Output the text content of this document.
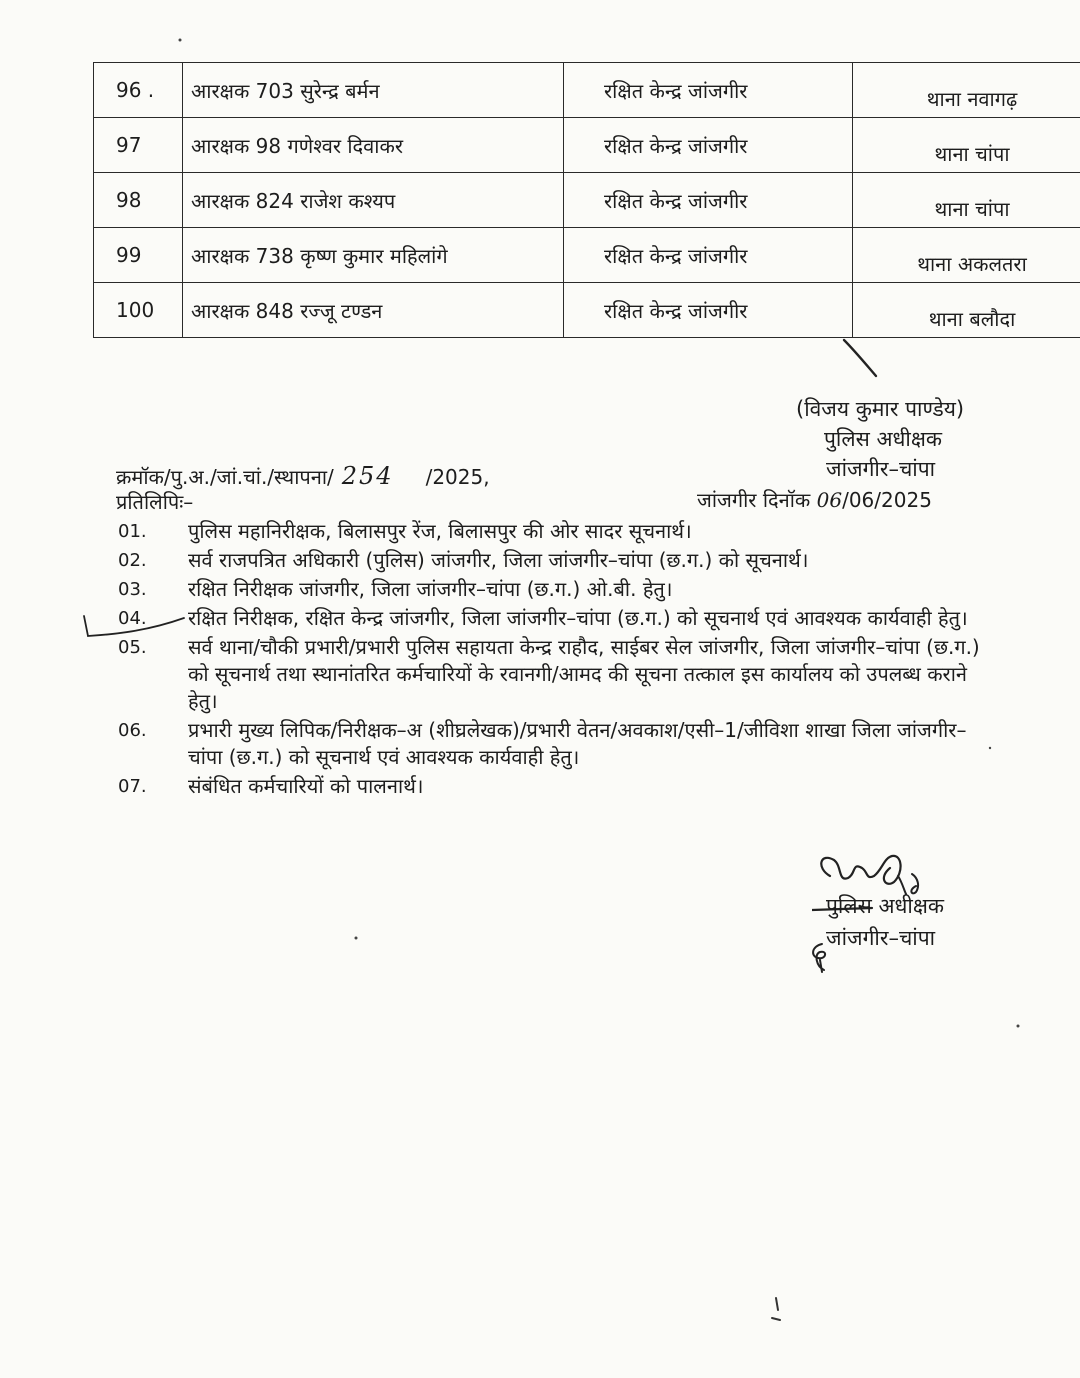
96 .	आरक्षक 703 सुरेन्द्र बर्मन	रक्षित केन्द्र जांजगीर	थाना नवागढ़
97	आरक्षक 98 गणेश्वर दिवाकर	रक्षित केन्द्र जांजगीर	थाना चांपा
98	आरक्षक 824 राजेश कश्यप	रक्षित केन्द्र जांजगीर	थाना चांपा
99	आरक्षक 738 कृष्ण कुमार महिलांगे	रक्षित केन्द्र जांजगीर	थाना अकलतरा
100	आरक्षक 848 रज्जू टण्डन	रक्षित केन्द्र जांजगीर	थाना बलौदा
(विजय कुमार पाण्डेय)
पुलिस अधीक्षक
जांजगीर–चांपा
क्रमॉक/पु.अ./जां.चां./स्थापना/ 254 /2025,
प्रतिलिपिः–	जांजगीर दिनॉक 06/06/2025
01.	पुलिस महानिरीक्षक, बिलासपुर रेंज, बिलासपुर की ओर सादर सूचनार्थ।
02.	सर्व राजपत्रित अधिकारी (पुलिस) जांजगीर, जिला जांजगीर–चांपा (छ.ग.) को सूचनार्थ।
03.	रक्षित निरीक्षक जांजगीर, जिला जांजगीर–चांपा (छ.ग.) ओ.बी. हेतु।
04.	रक्षित निरीक्षक, रक्षित केन्द्र जांजगीर, जिला जांजगीर–चांपा (छ.ग.) को सूचनार्थ एवं आवश्यक कार्यवाही हेतु।
05.	सर्व थाना/चौकी प्रभारी/प्रभारी पुलिस सहायता केन्द्र राहौद, साईबर सेल जांजगीर, जिला जांजगीर–चांपा (छ.ग.) को सूचनार्थ तथा स्थानांतरित कर्मचारियों के रवानगी/आमद की सूचना तत्काल इस कार्यालय को उपलब्ध कराने हेतु।
06.	प्रभारी मुख्य लिपिक/निरीक्षक–अ (शीघ्रलेखक)/प्रभारी वेतन/अवकाश/एसी–1/जीविशा शाखा जिला जांजगीर–चांपा (छ.ग.) को सूचनार्थ एवं आवश्यक कार्यवाही हेतु।
07.	संबंधित कर्मचारियों को पालनार्थ।
पुलिस अधीक्षक
जांजगीर–चांपा
